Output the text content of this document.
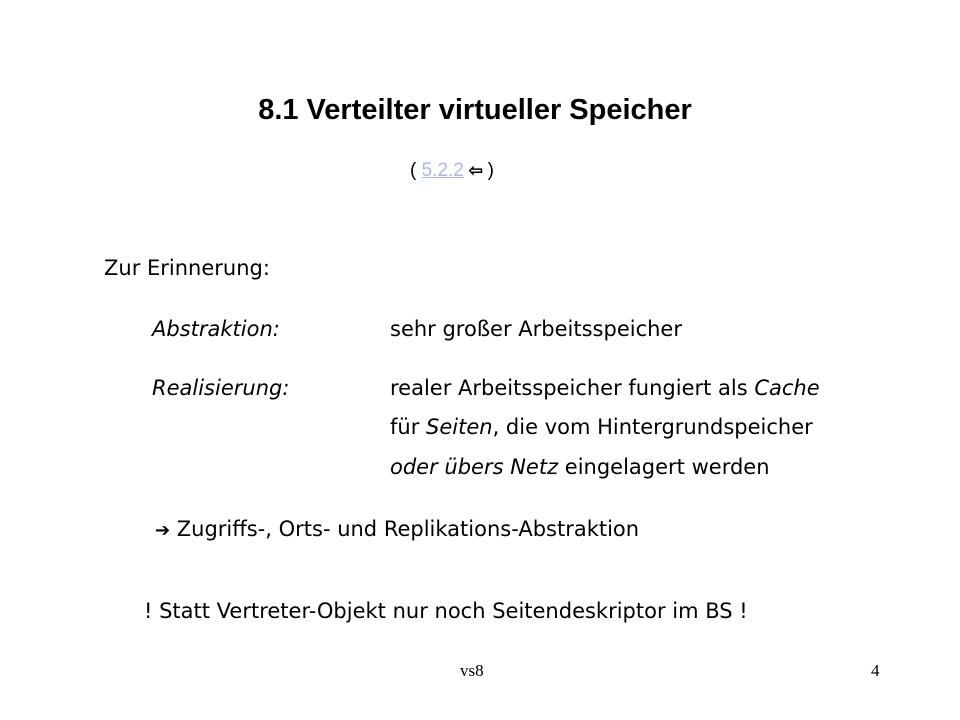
8.1 Verteilter virtueller Speicher
( 5.2.2 ⇦ )
Zur Erinnerung:
Abstraktion:	sehr großer Arbeitsspeicher
Realisierung:	realer Arbeitsspeicher fungiert als Cache
für Seiten, die vom Hintergrundspeicher
oder übers Netz eingelagert werden
➔ Zugriffs-, Orts- und Replikations-Abstraktion
! Statt Vertreter-Objekt nur noch Seitendeskriptor im BS !
vs8	4
